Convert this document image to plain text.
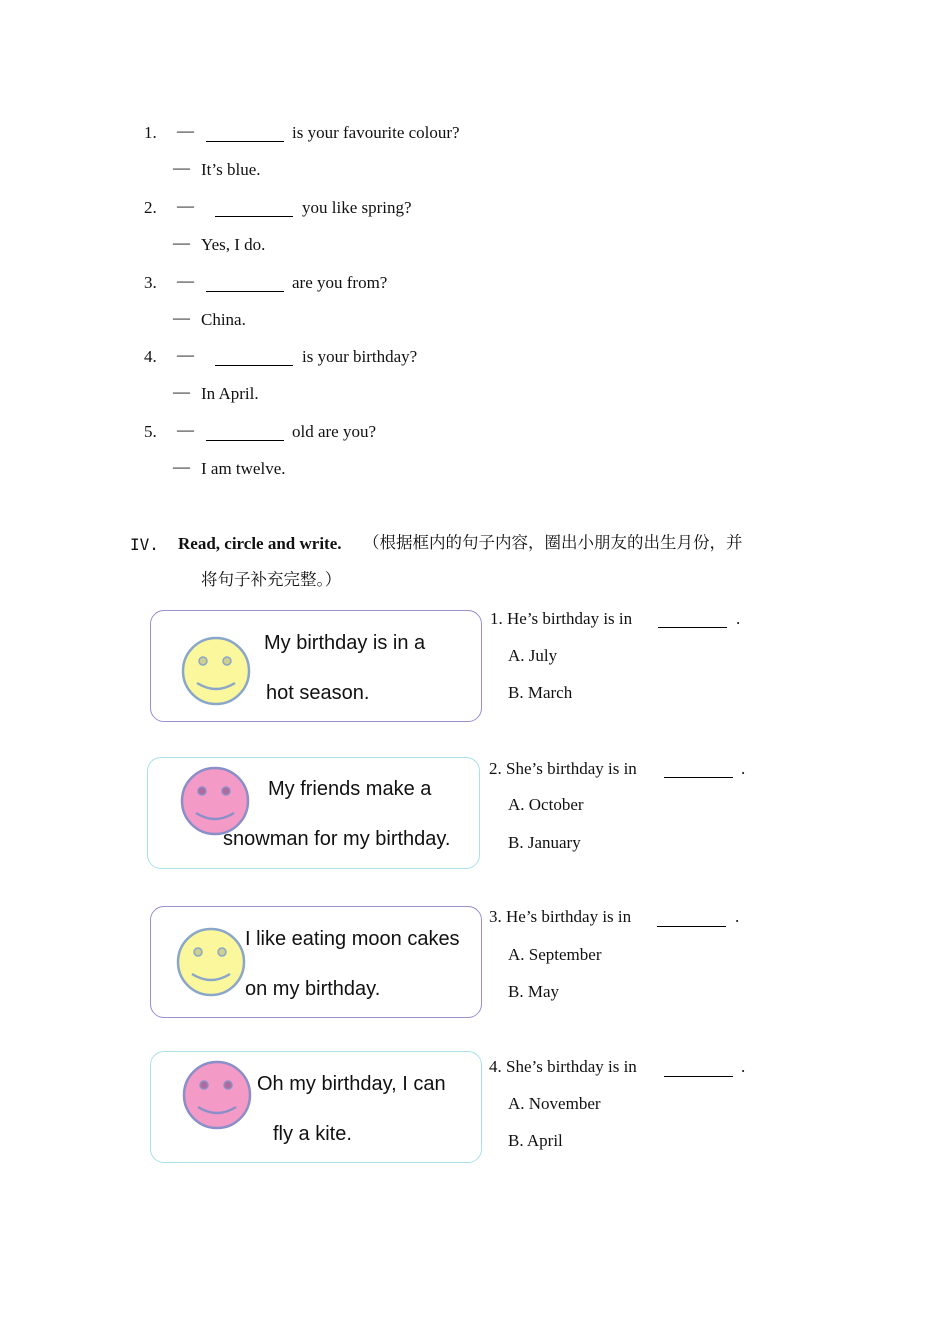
1. —	is your favourite colour?
— It’s blue.
2. —	you like spring?
— Yes, I do.
3. —	are you from?
— China.
4. —	is your birthday?
— In April.
5. —	old are you?
— I am twelve.
IV. Read, circle and write. （根据框内的句子内容，圈出小朋友的出生月份，并
将句子补充完整。）
My birthday is in a
hot season.
My friends make a
snowman for my birthday.
I like eating moon cakes
on my birthday.
Oh my birthday, I can
fly a kite.
1. He’s birthday is in	.
A. July
B. March
2. She’s birthday is in	.
A. October
B. January
3. He’s birthday is in	.
A. September
B. May
4. She’s birthday is in	.
A. November
B. April
